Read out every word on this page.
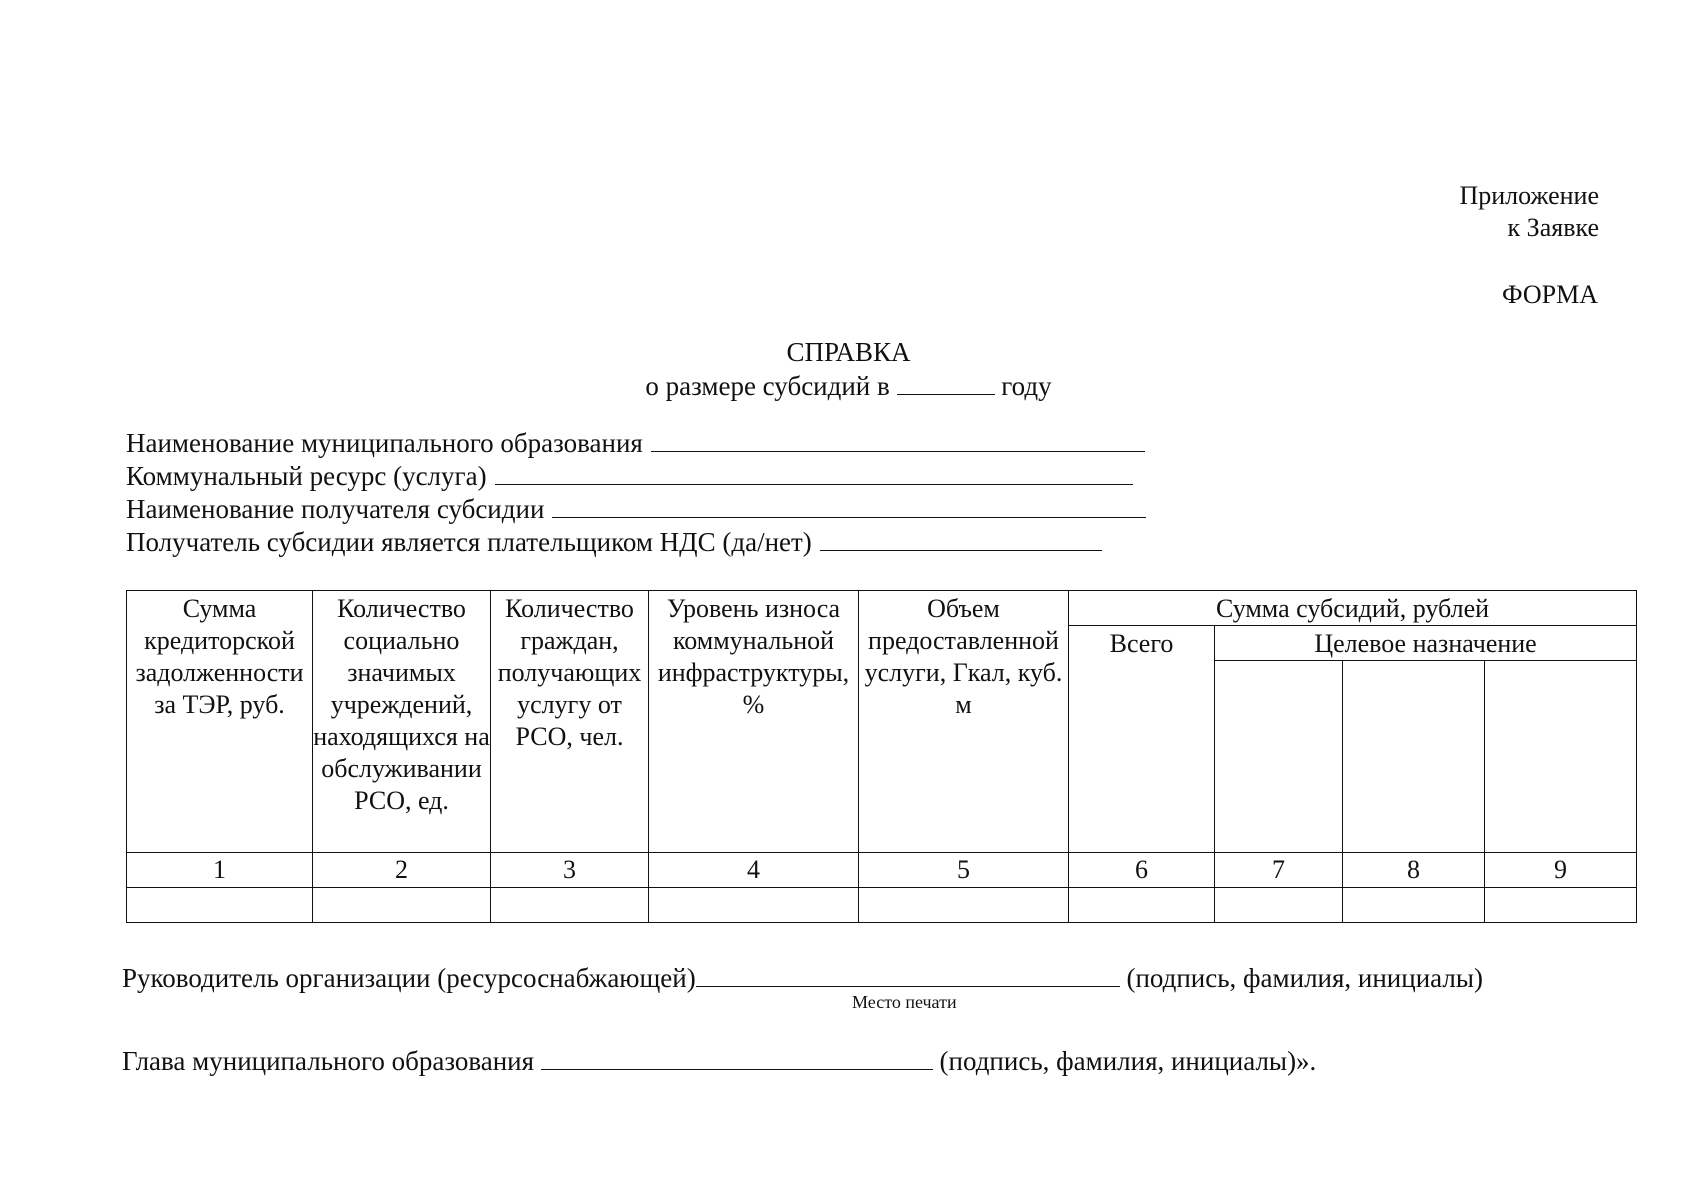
Приложение
к Заявке
ФОРМА
СПРАВКА
о размере субсидий в	году
Наименование муниципального образования
Коммунальный ресурс (услуга)
Наименование получателя субсидии
Получатель субсидии является плательщиком НДС (да/нет)
Сумма кредиторской задолженности за ТЭР, руб.	Количество социально значимых учреждений, находящихся на обслуживании РСО, ед.	Количество граждан, получающих услугу от РСО, чел.	Уровень износа коммунальной инфраструктуры, %	Объем предоставленной услуги, Гкал, куб. м	Сумма субсидий, рублей			
					Всего	Целевое назначение		

1	2	3	4	5	6	7	8	9

Руководитель организации (ресурсоснабжающей)	(подпись, фамилия, инициалы)
Место печати
Глава муниципального образования	(подпись, фамилия, инициалы)».
